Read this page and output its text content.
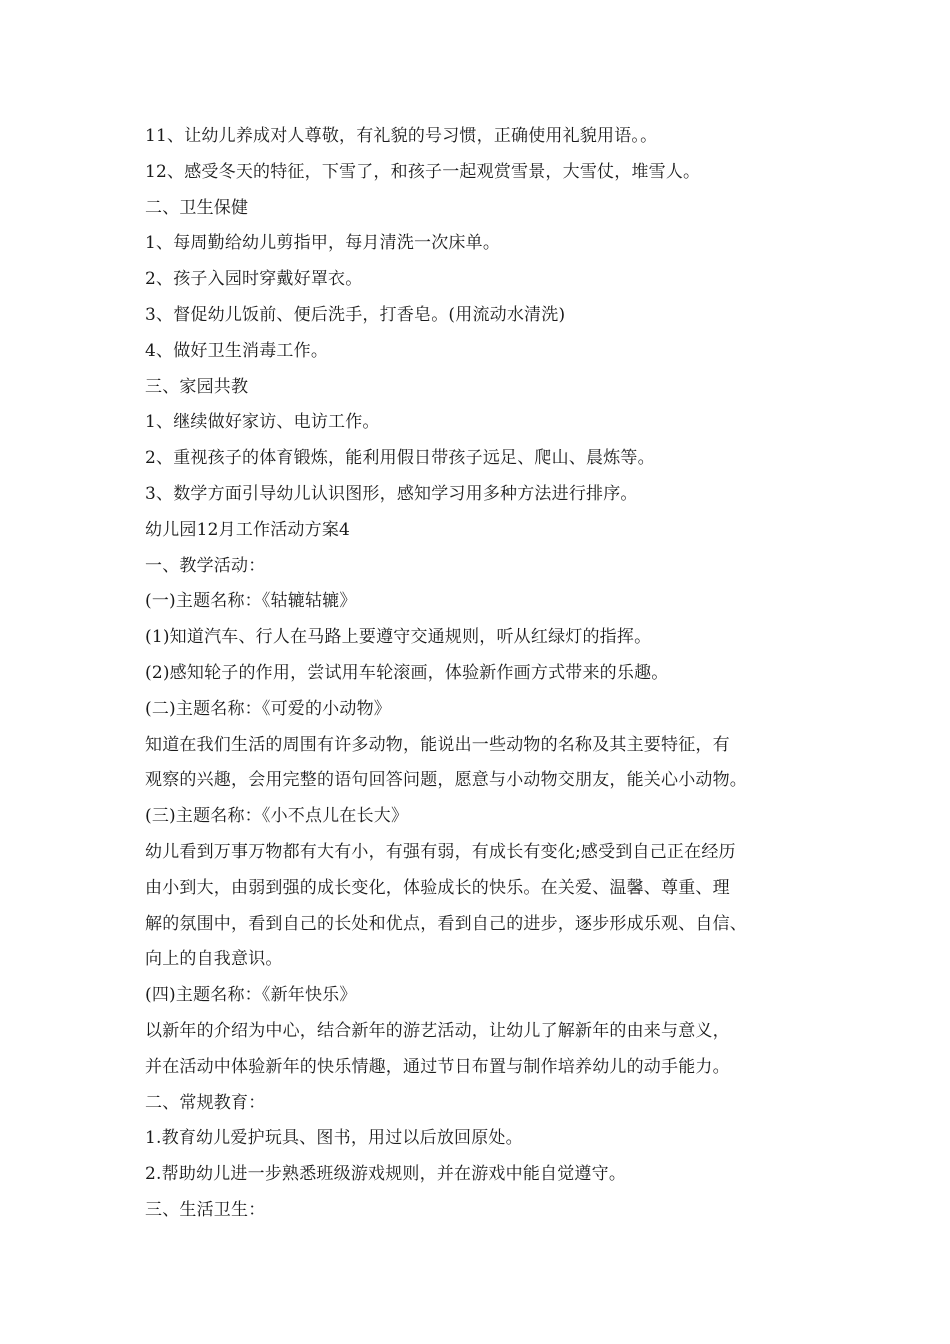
11、让幼儿养成对人尊敬，有礼貌的号习惯，正确使用礼貌用语。。
12、感受冬天的特征，下雪了，和孩子一起观赏雪景，大雪仗，堆雪人。
二、卫生保健
1、每周勤给幼儿剪指甲，每月清洗一次床单。
2、孩子入园时穿戴好罩衣。
3、督促幼儿饭前、便后洗手，打香皂。(用流动水清洗)
4、做好卫生消毒工作。
三、家园共教
1、继续做好家访、电访工作。
2、重视孩子的体育锻炼，能利用假日带孩子远足、爬山、晨炼等。
3、数学方面引导幼儿认识图形，感知学习用多种方法进行排序。
幼儿园12月工作活动方案4
一、教学活动：
(一)主题名称：《轱辘轱辘》
(1)知道汽车、行人在马路上要遵守交通规则，听从红绿灯的指挥。
(2)感知轮子的作用，尝试用车轮滚画，体验新作画方式带来的乐趣。
(二)主题名称：《可爱的小动物》
知道在我们生活的周围有许多动物，能说出一些动物的名称及其主要特征，有
观察的兴趣，会用完整的语句回答问题，愿意与小动物交朋友，能关心小动物。
(三)主题名称：《小不点儿在长大》
幼儿看到万事万物都有大有小，有强有弱，有成长有变化;感受到自己正在经历
由小到大，由弱到强的成长变化，体验成长的快乐。在关爱、温馨、尊重、理
解的氛围中，看到自己的长处和优点，看到自己的进步，逐步形成乐观、自信、
向上的自我意识。
(四)主题名称：《新年快乐》
以新年的介绍为中心，结合新年的游艺活动，让幼儿了解新年的由来与意义，
并在活动中体验新年的快乐情趣，通过节日布置与制作培养幼儿的动手能力。
二、常规教育：
1.教育幼儿爱护玩具、图书，用过以后放回原处。
2.帮助幼儿进一步熟悉班级游戏规则，并在游戏中能自觉遵守。
三、生活卫生：
